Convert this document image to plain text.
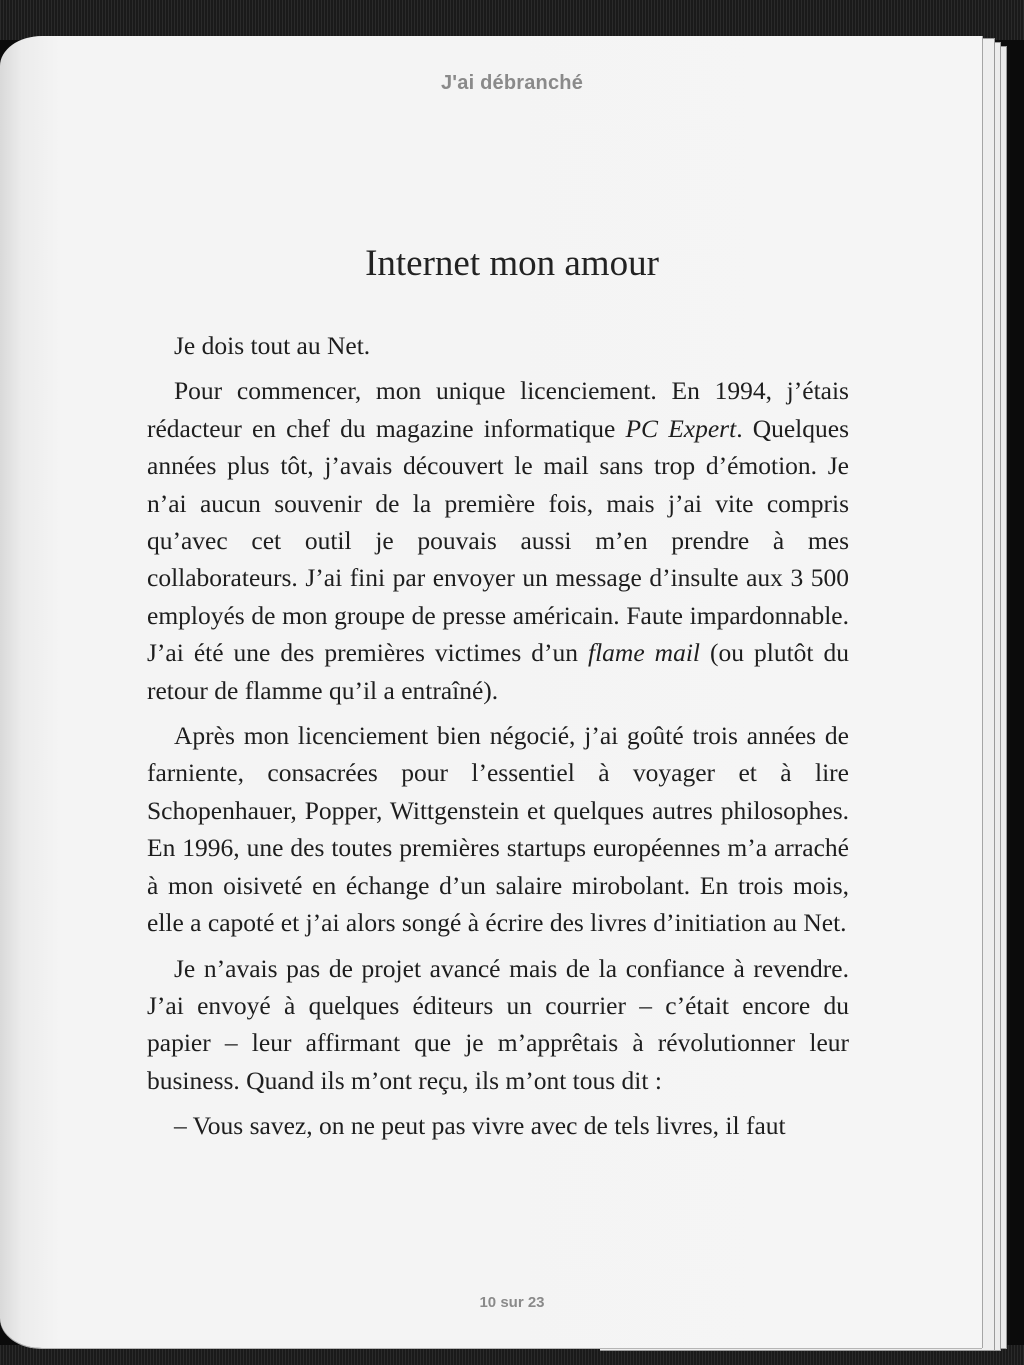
J'ai débranché
Internet mon amour

Je dois tout au Net.

Pour commencer, mon unique licenciement. En 1994, j’étais rédacteur en chef du magazine informatique PC Expert. Quelques années plus tôt, j’avais découvert le mail sans trop d’émotion. Je n’ai aucun souvenir de la première fois, mais j’ai vite compris qu’avec cet outil je pouvais aussi m’en prendre à mes collaborateurs. J’ai fini par envoyer un message d’insulte aux 3 500 employés de mon groupe de presse américain. Faute impardonnable. J’ai été une des premières victimes d’un flame mail (ou plutôt du retour de flamme qu’il a entraîné).

Après mon licenciement bien négocié, j’ai goûté trois années de farniente, consacrées pour l’essentiel à voyager et à lire Schopenhauer, Popper, Wittgenstein et quelques autres philosophes. En 1996, une des toutes premières startups européennes m’a arraché à mon oisiveté en échange d’un salaire mirobolant. En trois mois, elle a capoté et j’ai alors songé à écrire des livres d’initiation au Net.

Je n’avais pas de projet avancé mais de la confiance à revendre. J’ai envoyé à quelques éditeurs un courrier – c’était encore du papier – leur affirmant que je m’apprêtais à révolutionner leur business. Quand ils m’ont reçu, ils m’ont tous dit :

– Vous savez, on ne peut pas vivre avec de tels livres, il faut

10 sur 23
